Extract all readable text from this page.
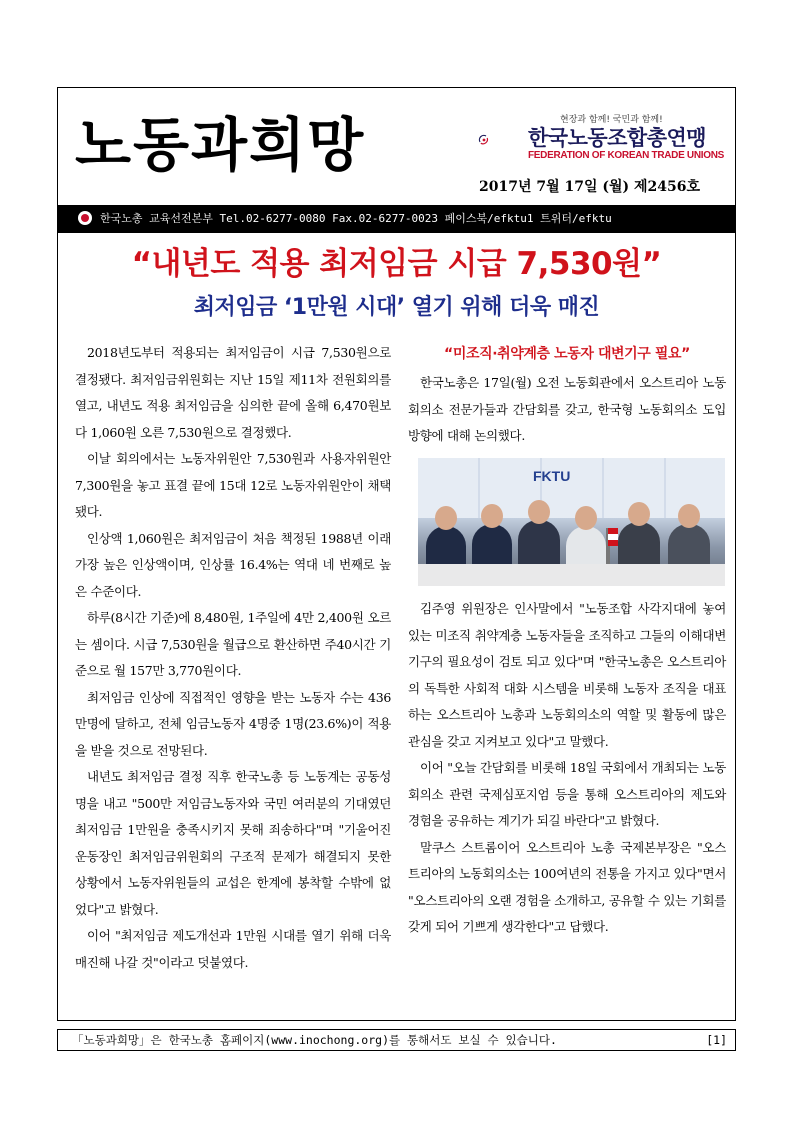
노동과희망	현장과 함께! 국민과 함께!
한국노동조합총연맹
FEDERATION OF KOREAN TRADE UNIONS
2017년 7월 17일 (월) 제2456호
한국노총 교육선전본부 Tel.02-6277-0080 Fax.02-6277-0023 페이스북/efktu1 트위터/efktu
“내년도 적용 최저임금 시급 7,530원”
최저임금 ‘1만원 시대’ 열기 위해 더욱 매진

2018년도부터 적용되는 최저임금이 시급 7,530원으로 결정됐다. 최저임금위원회는 지난 15일 제11차 전원회의를 열고, 내년도 적용 최저임금을 심의한 끝에 올해 6,470원보다 1,060원 오른 7,530원으로 결정했다.

이날 회의에서는 노동자위원안 7,530원과 사용자위원안 7,300원을 놓고 표결 끝에 15대 12로 노동자위원안이 채택됐다.

인상액 1,060원은 최저임금이 처음 책정된 1988년 이래 가장 높은 인상액이며, 인상률 16.4%는 역대 네 번째로 높은 수준이다.

하루(8시간 기준)에 8,480원, 1주일에 4만 2,400원 오르는 셈이다. 시급 7,530원을 월급으로 환산하면 주40시간 기준으로 월 157만 3,770원이다.

최저임금 인상에 직접적인 영향을 받는 노동자 수는 436만명에 달하고, 전체 임금노동자 4명중 1명(23.6%)이 적용을 받을 것으로 전망된다.

내년도 최저임금 결정 직후 한국노총 등 노동계는 공동성명을 내고 "500만 저임금노동자와 국민 여러분의 기대였던 최저임금 1만원을 충족시키지 못해 죄송하다"며 "기울어진 운동장인 최저임금위원회의 구조적 문제가 해결되지 못한 상황에서 노동자위원들의 교섭은 한계에 봉착할 수밖에 없었다"고 밝혔다.

이어 "최저임금 제도개선과 1만원 시대를 열기 위해 더욱 매진해 나갈 것"이라고 덧붙였다.

“미조직·취약계층 노동자 대변기구 필요”

한국노총은 17일(월) 오전 노동회관에서 오스트리아 노동회의소 전문가들과 간담회를 갖고, 한국형 노동회의소 도입 방향에 대해 논의했다.

FKTU

김주영 위원장은 인사말에서 "노동조합 사각지대에 놓여 있는 미조직 취약계층 노동자들을 조직하고 그들의 이해대변 기구의 필요성이 검토 되고 있다"며 "한국노총은 오스트리아의 독특한 사회적 대화 시스템을 비롯해 노동자 조직을 대표하는 오스트리아 노총과 노동회의소의 역할 및 활동에 많은 관심을 갖고 지켜보고 있다"고 말했다.

이어 "오늘 간담회를 비롯해 18일 국회에서 개최되는 노동회의소 관련 국제심포지엄 등을 통해 오스트리아의 제도와 경험을 공유하는 계기가 되길 바란다"고 밝혔다.

말쿠스 스트롬이어 오스트리아 노총 국제본부장은 "오스트리아의 노동회의소는 100여년의 전통을 가지고 있다"면서 "오스트리아의 오랜 경험을 소개하고, 공유할 수 있는 기회를 갖게 되어 기쁘게 생각한다"고 답했다.

「노동과희망」은 한국노총 홈페이지(www.inochong.org)를 통해서도 보실 수 있습니다.	[1]
